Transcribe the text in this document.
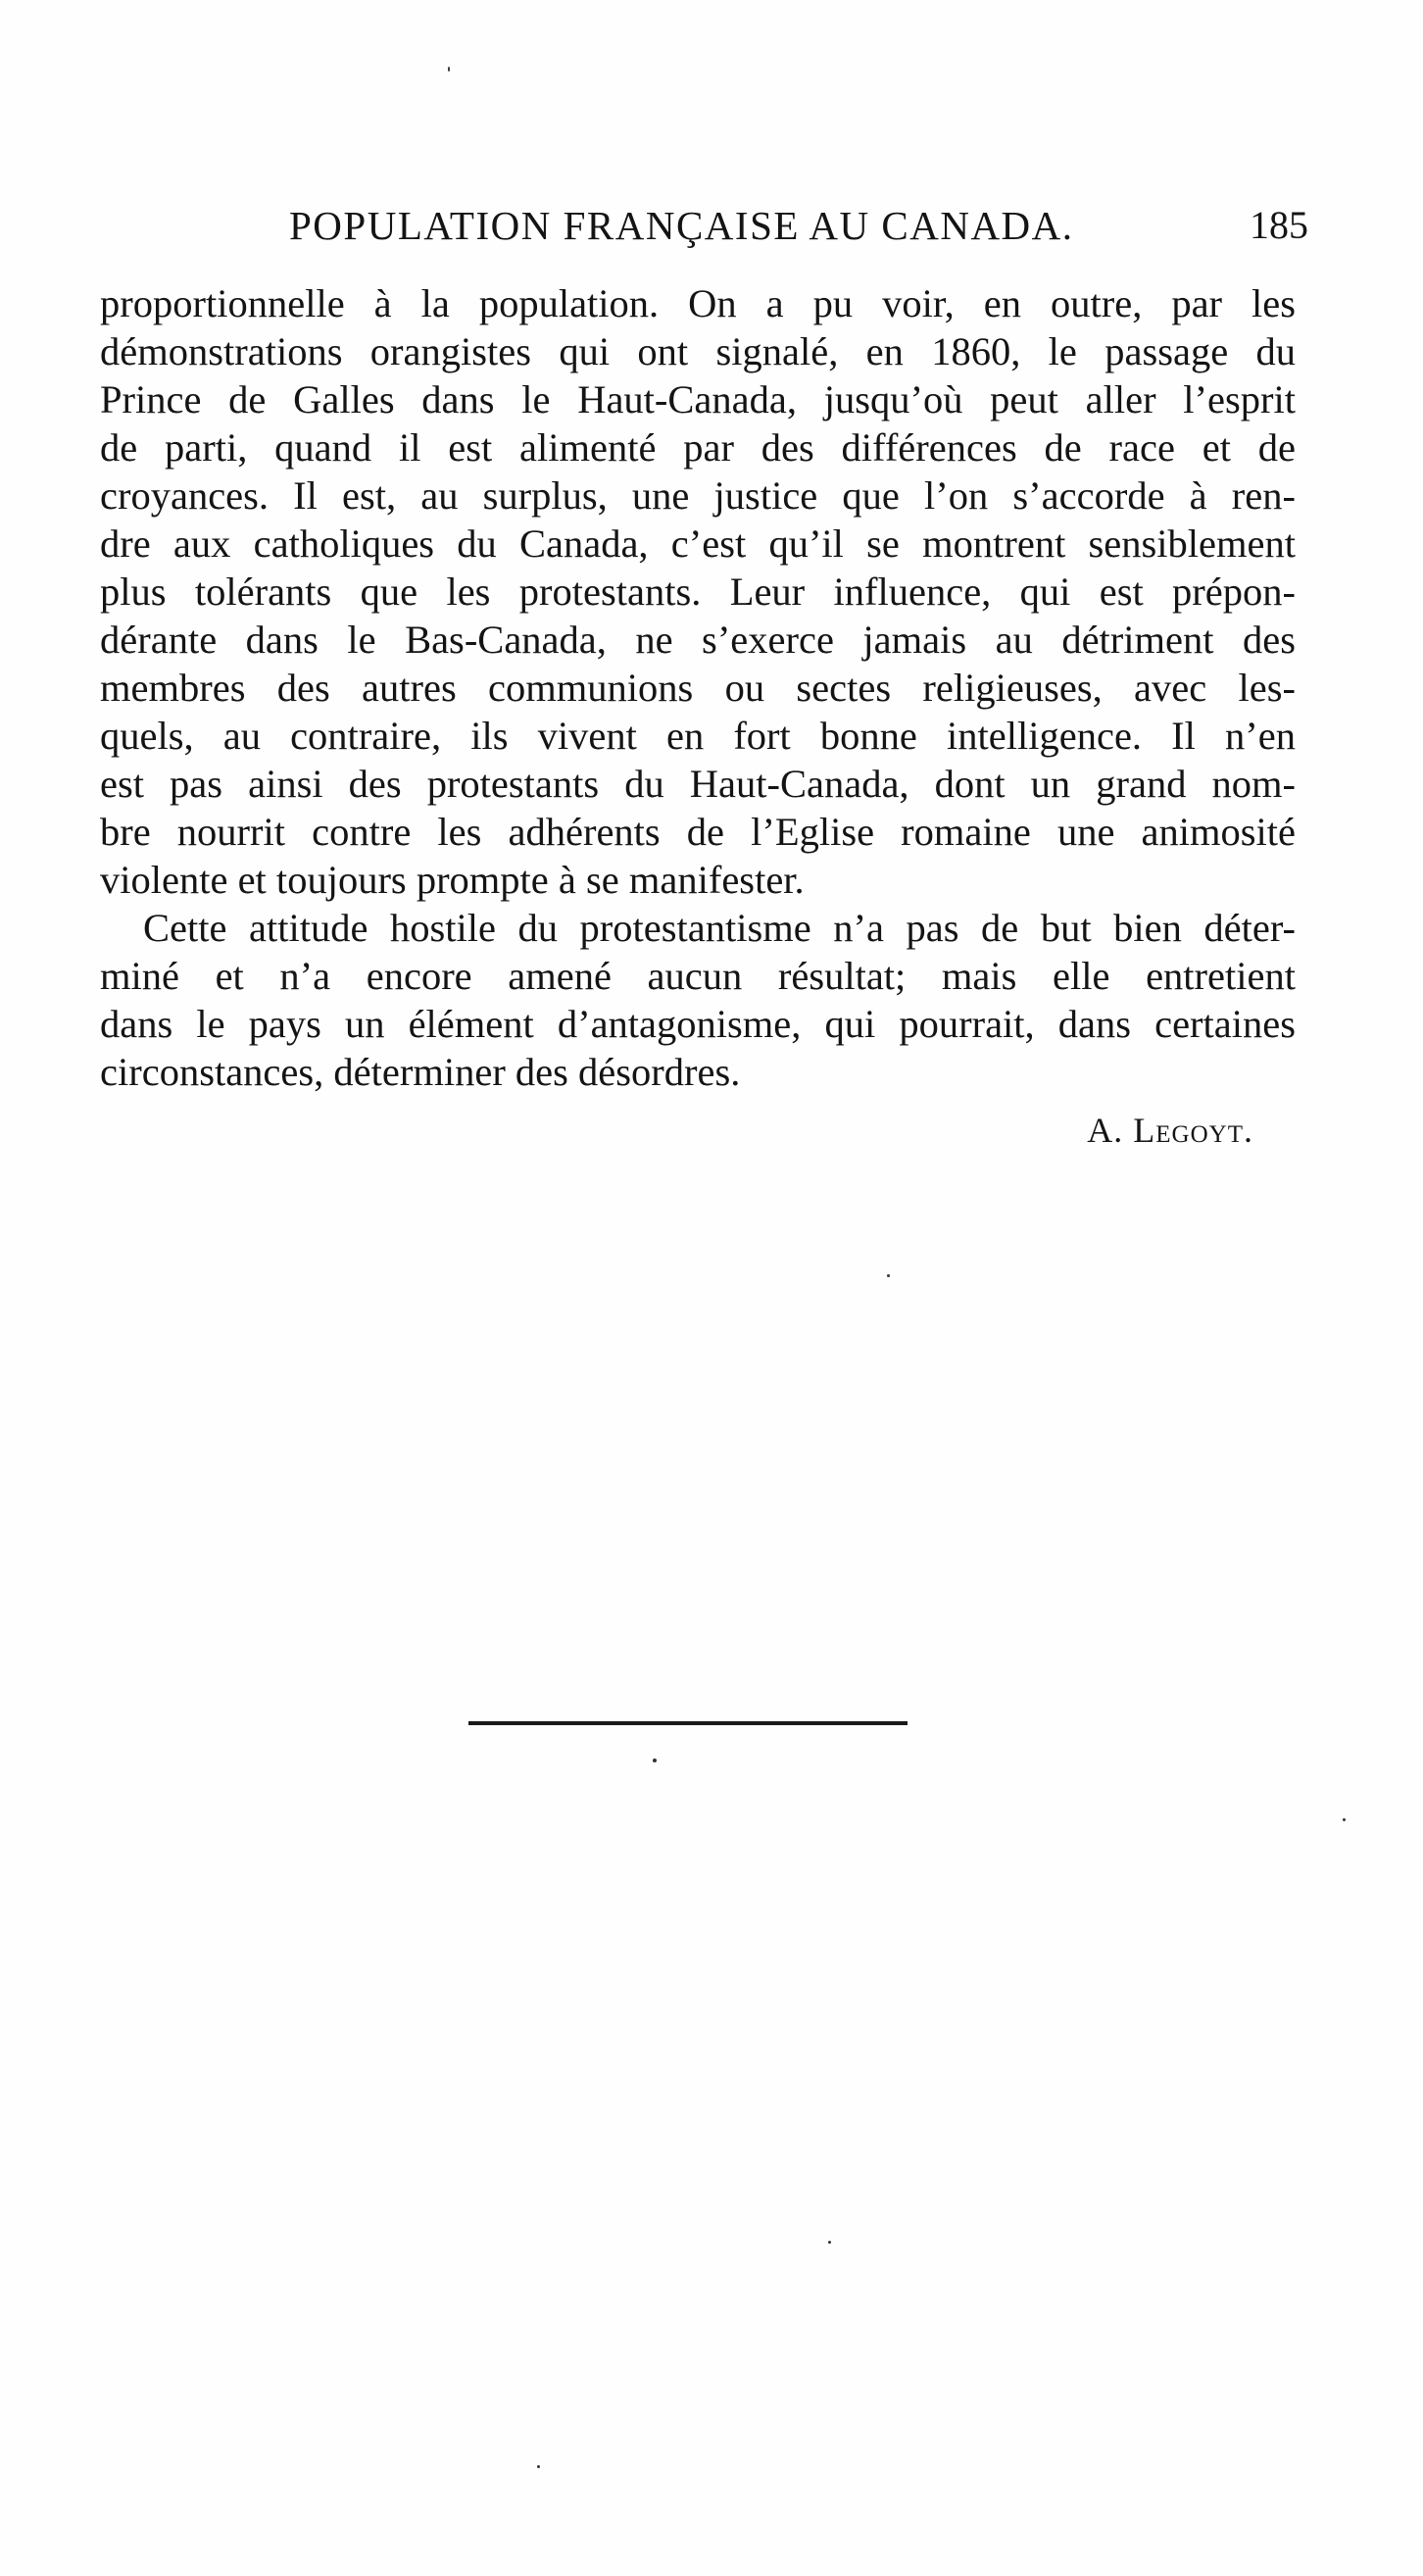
POPULATION FRANÇAISE AU CANADA.	185
proportionnelle à la population. On a pu voir, en outre, par les
démonstrations orangistes qui ont signalé, en 1860, le passage du
Prince de Galles dans le Haut-Canada, jusqu’où peut aller l’esprit
de parti, quand il est alimenté par des différences de race et de
croyances. Il est, au surplus, une justice que l’on s’accorde à ren-
dre aux catholiques du Canada, c’est qu’il se montrent sensiblement
plus tolérants que les protestants. Leur influence, qui est prépon-
dérante dans le Bas-Canada, ne s’exerce jamais au détriment des
membres des autres communions ou sectes religieuses, avec les-
quels, au contraire, ils vivent en fort bonne intelligence. Il n’en
est pas ainsi des protestants du Haut-Canada, dont un grand nom-
bre nourrit contre les adhérents de l’Eglise romaine une animosité
violente et toujours prompte à se manifester.
Cette attitude hostile du protestantisme n’a pas de but bien déter-
miné et n’a encore amené aucun résultat; mais elle entretient
dans le pays un élément d’antagonisme, qui pourrait, dans certaines
circonstances, déterminer des désordres.
A. Legoyt.
